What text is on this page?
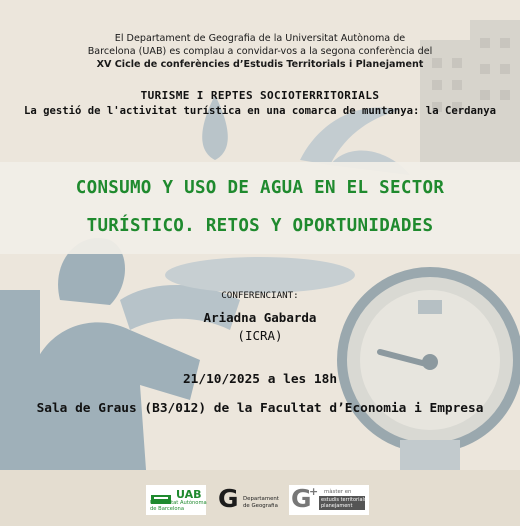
El Departament de Geografia de la Universitat Autònoma de
Barcelona (UAB) es complau a convidar-vos a la segona conferència del
XV Cicle de conferències d’Estudis Territorials i Planejament
TURISME I REPTES SOCIOTERRITORIALS
La gestió de l'activitat turística en una comarca de muntanya: la Cerdanya
CONSUMO Y USO DE AGUA EN EL SECTOR
TURÍSTICO. RETOS Y OPORTUNIDADES
CONFERENCIANT:
Ariadna Gabarda
(ICRA)
21/10/2025 a les 18h
Sala de Graus (B3/012) de la Facultat d’Economia i Empresa
UAB
Universitat Autònoma
de Barcelona G Departament
de Geografia G
+ màster en
estudis territorials i
planejament
